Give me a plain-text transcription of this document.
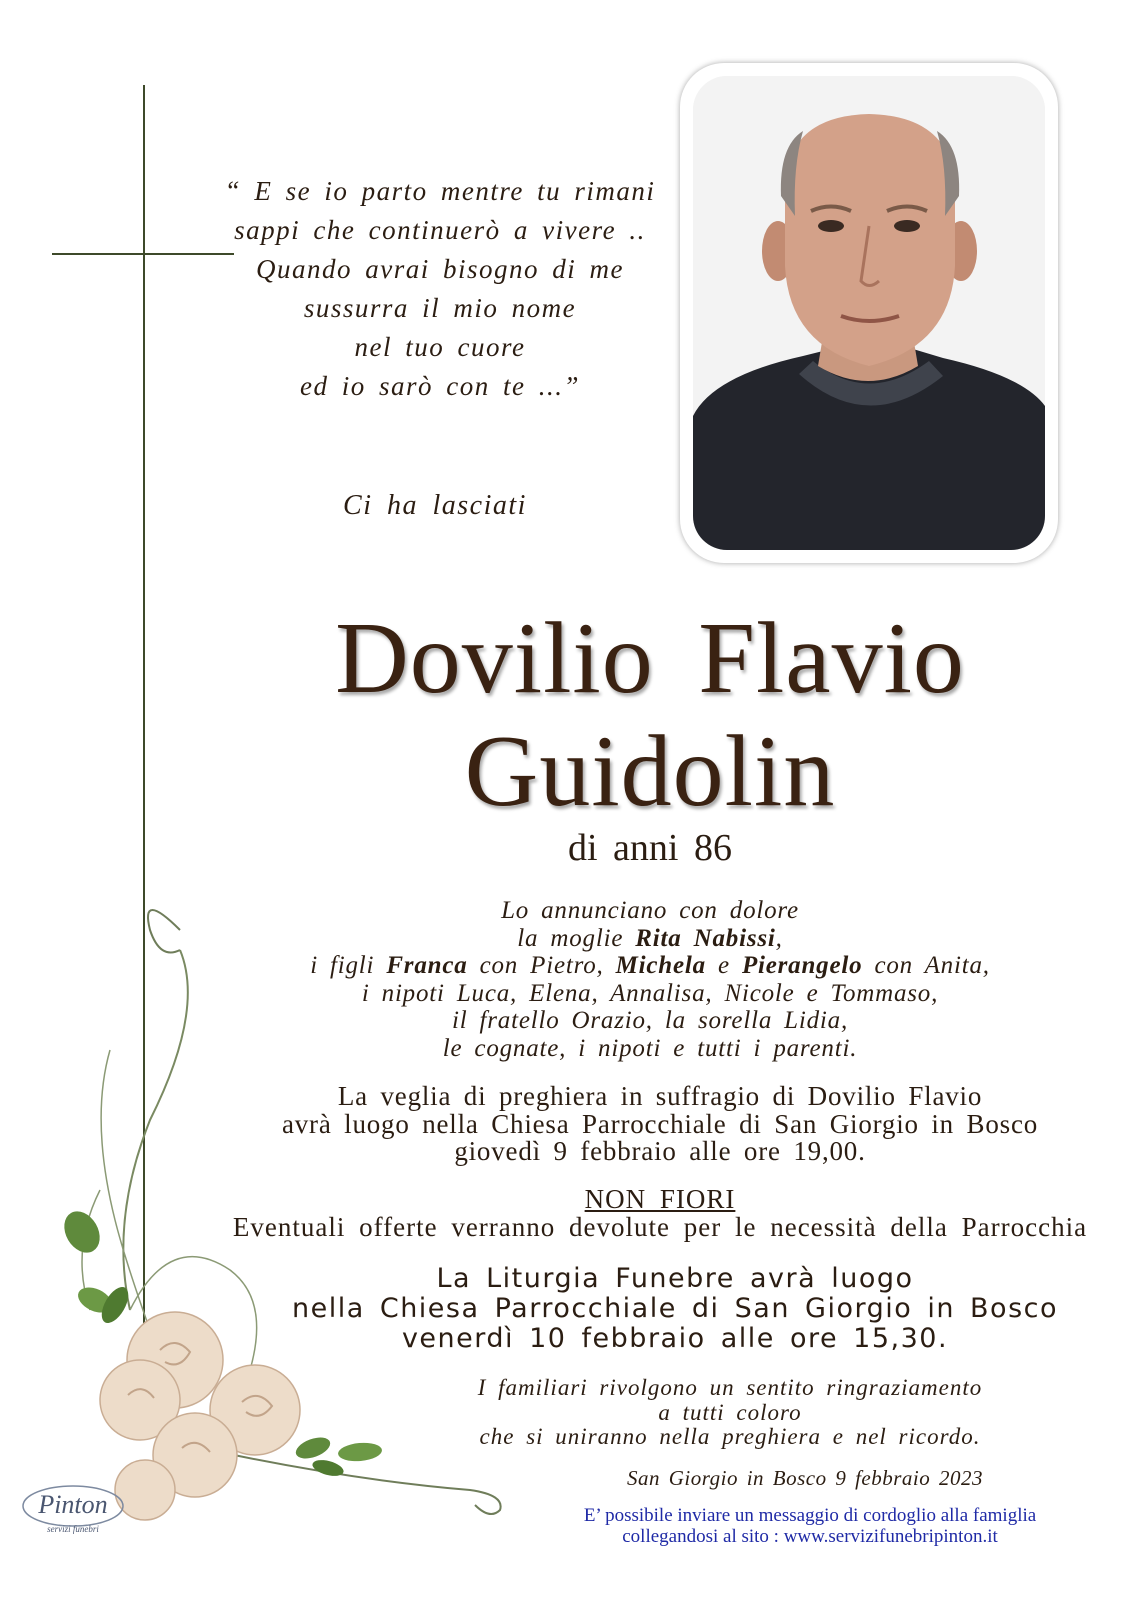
“ E se io parto mentre tu rimani
sappi che continuerò a vivere ..
Quando avrai bisogno di me
sussurra il mio nome
nel tuo cuore
ed io sarò con te ...”
Ci ha lasciati
Dovilio Flavio
Guidolin
di anni 86
Lo annunciano con dolore
la moglie Rita Nabissi,
i figli Franca con Pietro, Michela e Pierangelo con Anita,
i nipoti Luca, Elena, Annalisa, Nicole e Tommaso,
il fratello Orazio, la sorella Lidia,
le cognate, i nipoti e tutti i parenti.
La veglia di preghiera in suffragio di Dovilio Flavio
avrà luogo nella Chiesa Parrocchiale di San Giorgio in Bosco
giovedì 9 febbraio alle ore 19,00.
NON FIORI
Eventuali offerte verranno devolute per le necessità della Parrocchia
La Liturgia Funebre avrà luogo
nella Chiesa Parrocchiale di San Giorgio in Bosco
venerdì 10 febbraio alle ore 15,30.
I familiari rivolgono un sentito ringraziamento
a tutti coloro
che si uniranno nella preghiera e nel ricordo.
San Giorgio in Bosco 9 febbraio 2023
E’ possibile inviare un messaggio di cordoglio alla famiglia
collegandosi al sito : www.servizifunebripinton.it
Pinton
servizi funebri
